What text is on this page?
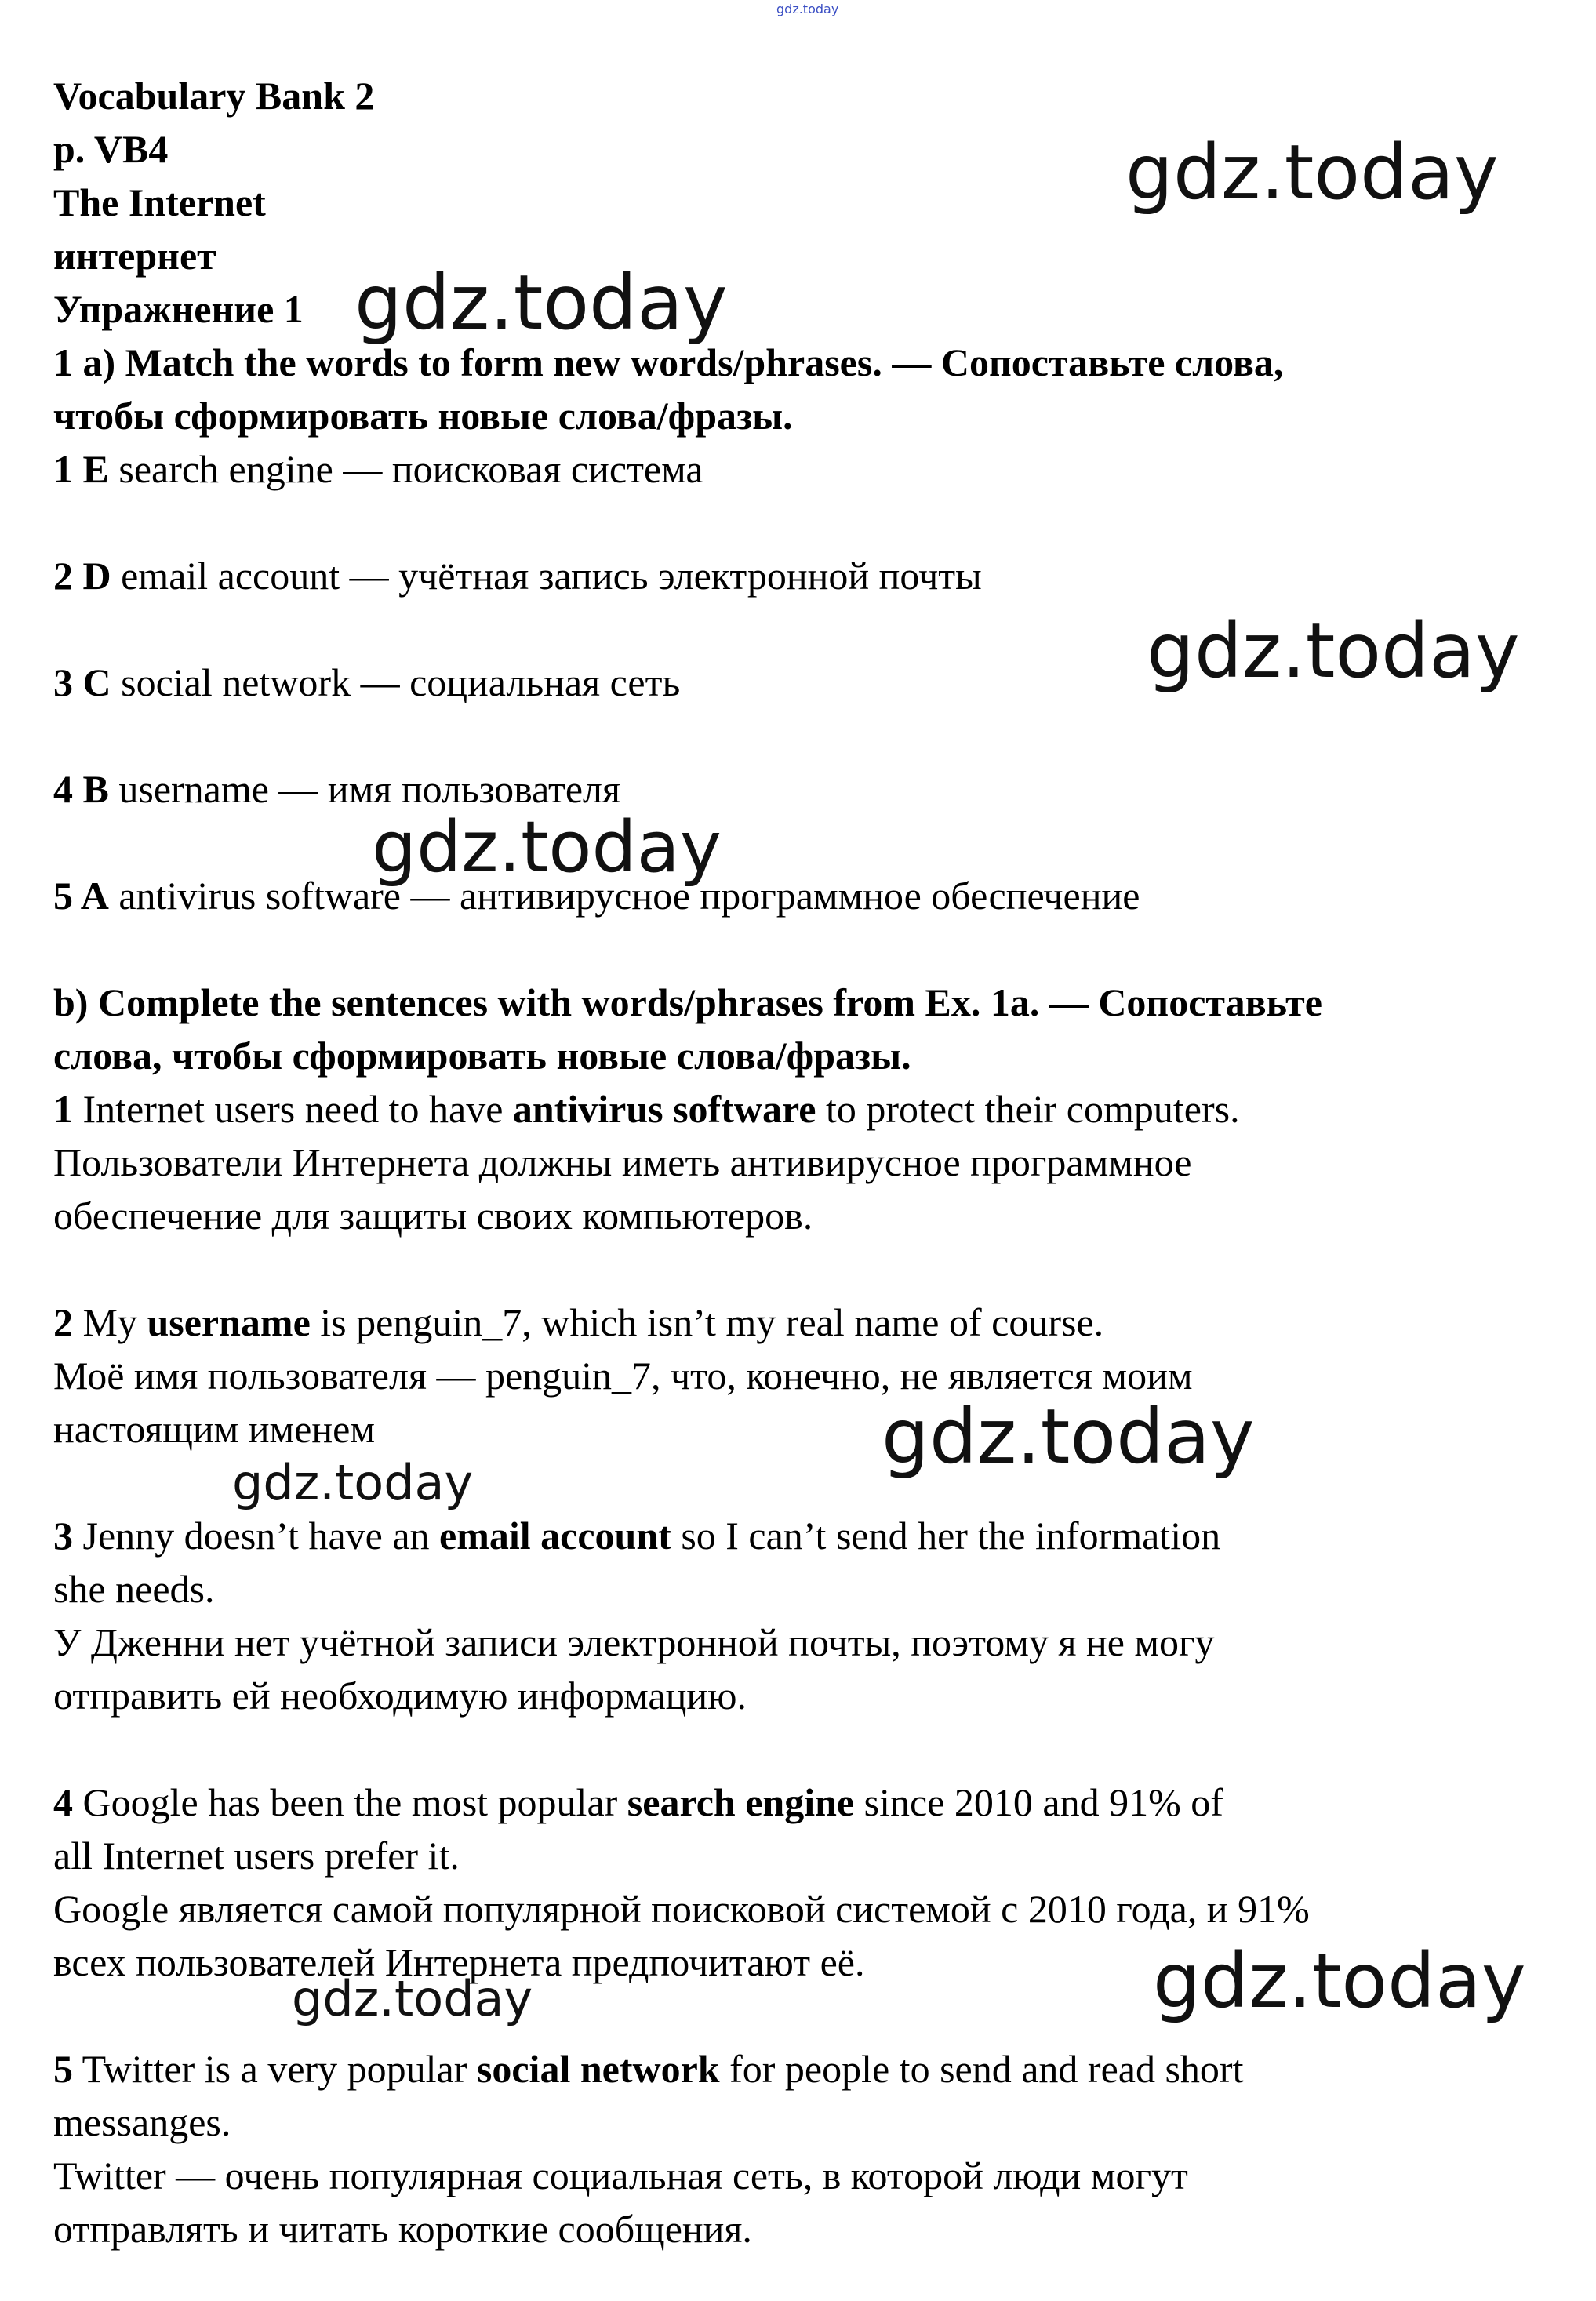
gdz.today
Vocabulary Bank 2
p. VB4
The Internet
интернет
Упражнение 1
1 a) Match the words to form new words/phrases. — Сопоставьте слова,
чтобы сформировать новые слова/фразы.
1 E search engine — поисковая система
2 D email account — учётная запись электронной почты
3 C social network — социальная сеть
4 B username — имя пользователя
5 A antivirus software — антивирусное программное обеспечение
b) Complete the sentences with words/phrases from Ex. 1a. — Сопоставьте
слова, чтобы сформировать новые слова/фразы.
1 Internet users need to have antivirus software to protect their computers.
Пользователи Интернета должны иметь антивирусное программное
обеспечение для защиты своих компьютеров.
2 My username is penguin_7, which isn’t my real name of course.
Моё имя пользователя — penguin_7, что, конечно, не является моим
настоящим именем
3 Jenny doesn’t have an email account so I can’t send her the information
she needs.
У Дженни нет учётной записи электронной почты, поэтому я не могу
отправить ей необходимую информацию.
4 Google has been the most popular search engine since 2010 and 91% of
all Internet users prefer it.
Google является самой популярной поисковой системой с 2010 года, и 91%
всех пользователей Интернета предпочитают её.
5 Twitter is a very popular social network for people to send and read short
messanges.
Twitter — очень популярная социальная сеть, в которой люди могут
отправлять и читать короткие сообщения.
gdz.today
gdz.today
gdz.today
gdz.today
gdz.today
gdz.today
gdz.today
gdz.today
